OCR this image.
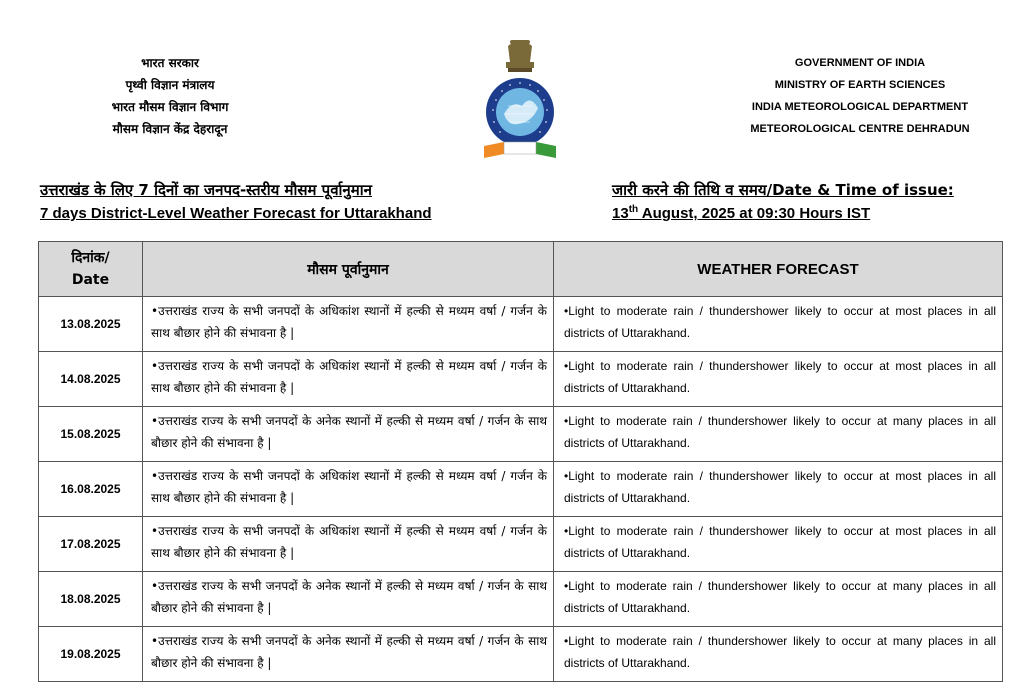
भारत सरकार
पृथ्वी विज्ञान मंत्रालय
भारत मौसम विज्ञान विभाग
मौसम विज्ञान केंद्र देहरादून
GOVERNMENT OF INDIA
MINISTRY OF EARTH SCIENCES
INDIA METEOROLOGICAL DEPARTMENT
METEOROLOGICAL CENTRE DEHRADUN
उत्तराखंड के लिए 7 दिनों का जनपद-स्तरीय मौसम पूर्वानुमान
7 days District-Level Weather Forecast for Uttarakhand
जारी करने की तिथि व समय/Date & Time of issue:
13th August, 2025 at 09:30 Hours IST
दिनांक/
Date	मौसम पूर्वानुमान	WEATHER FORECAST
13.08.2025	•उत्तराखंड राज्य के सभी जनपदों के अधिकांश स्थानों में हल्की से मध्यम वर्षा / गर्जन के साथ बौछार होने की संभावना है |	•Light to moderate rain / thundershower likely to occur at most places in all districts of Uttarakhand.
14.08.2025	•उत्तराखंड राज्य के सभी जनपदों के अधिकांश स्थानों में हल्की से मध्यम वर्षा / गर्जन के साथ बौछार होने की संभावना है |	•Light to moderate rain / thundershower likely to occur at most places in all districts of Uttarakhand.
15.08.2025	•उत्तराखंड राज्य के सभी जनपदों के अनेक स्थानों में हल्की से मध्यम वर्षा / गर्जन के साथ बौछार होने की संभावना है |	•Light to moderate rain / thundershower likely to occur at many places in all districts of Uttarakhand.
16.08.2025	•उत्तराखंड राज्य के सभी जनपदों के अधिकांश स्थानों में हल्की से मध्यम वर्षा / गर्जन के साथ बौछार होने की संभावना है |	•Light to moderate rain / thundershower likely to occur at most places in all districts of Uttarakhand.
17.08.2025	•उत्तराखंड राज्य के सभी जनपदों के अधिकांश स्थानों में हल्की से मध्यम वर्षा / गर्जन के साथ बौछार होने की संभावना है |	•Light to moderate rain / thundershower likely to occur at most places in all districts of Uttarakhand.
18.08.2025	•उत्तराखंड राज्य के सभी जनपदों के अनेक स्थानों में हल्की से मध्यम वर्षा / गर्जन के साथ बौछार होने की संभावना है |	•Light to moderate rain / thundershower likely to occur at many places in all districts of Uttarakhand.
19.08.2025	•उत्तराखंड राज्य के सभी जनपदों के अनेक स्थानों में हल्की से मध्यम वर्षा / गर्जन के साथ बौछार होने की संभावना है |	•Light to moderate rain / thundershower likely to occur at many places in all districts of Uttarakhand.
